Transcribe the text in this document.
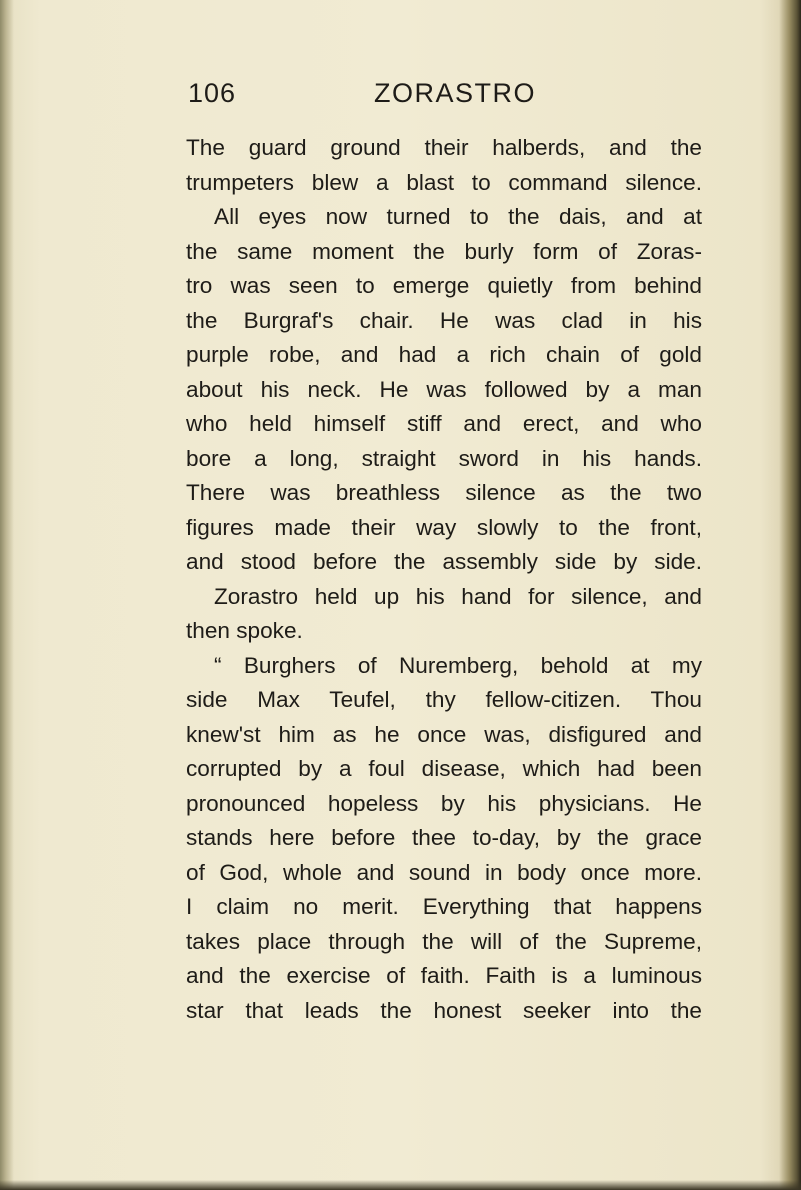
106	ZORASTRO
The guard ground their halberds, and the
trumpeters blew a blast to command silence.
All eyes now turned to the dais, and at
the same moment the burly form of Zoras-
tro was seen to emerge quietly from behind
the Burgraf's chair. He was clad in his
purple robe, and had a rich chain of gold
about his neck. He was followed by a man
who held himself stiff and erect, and who
bore a long, straight sword in his hands.
There was breathless silence as the two
figures made their way slowly to the front,
and stood before the assembly side by side.
Zorastro held up his hand for silence, and
then spoke.
“ Burghers of Nuremberg, behold at my
side Max Teufel, thy fellow-citizen. Thou
knew'st him as he once was, disfigured and
corrupted by a foul disease, which had been
pronounced hopeless by his physicians. He
stands here before thee to-day, by the grace
of God, whole and sound in body once more.
I claim no merit. Everything that happens
takes place through the will of the Supreme,
and the exercise of faith. Faith is a luminous
star that leads the honest seeker into the
